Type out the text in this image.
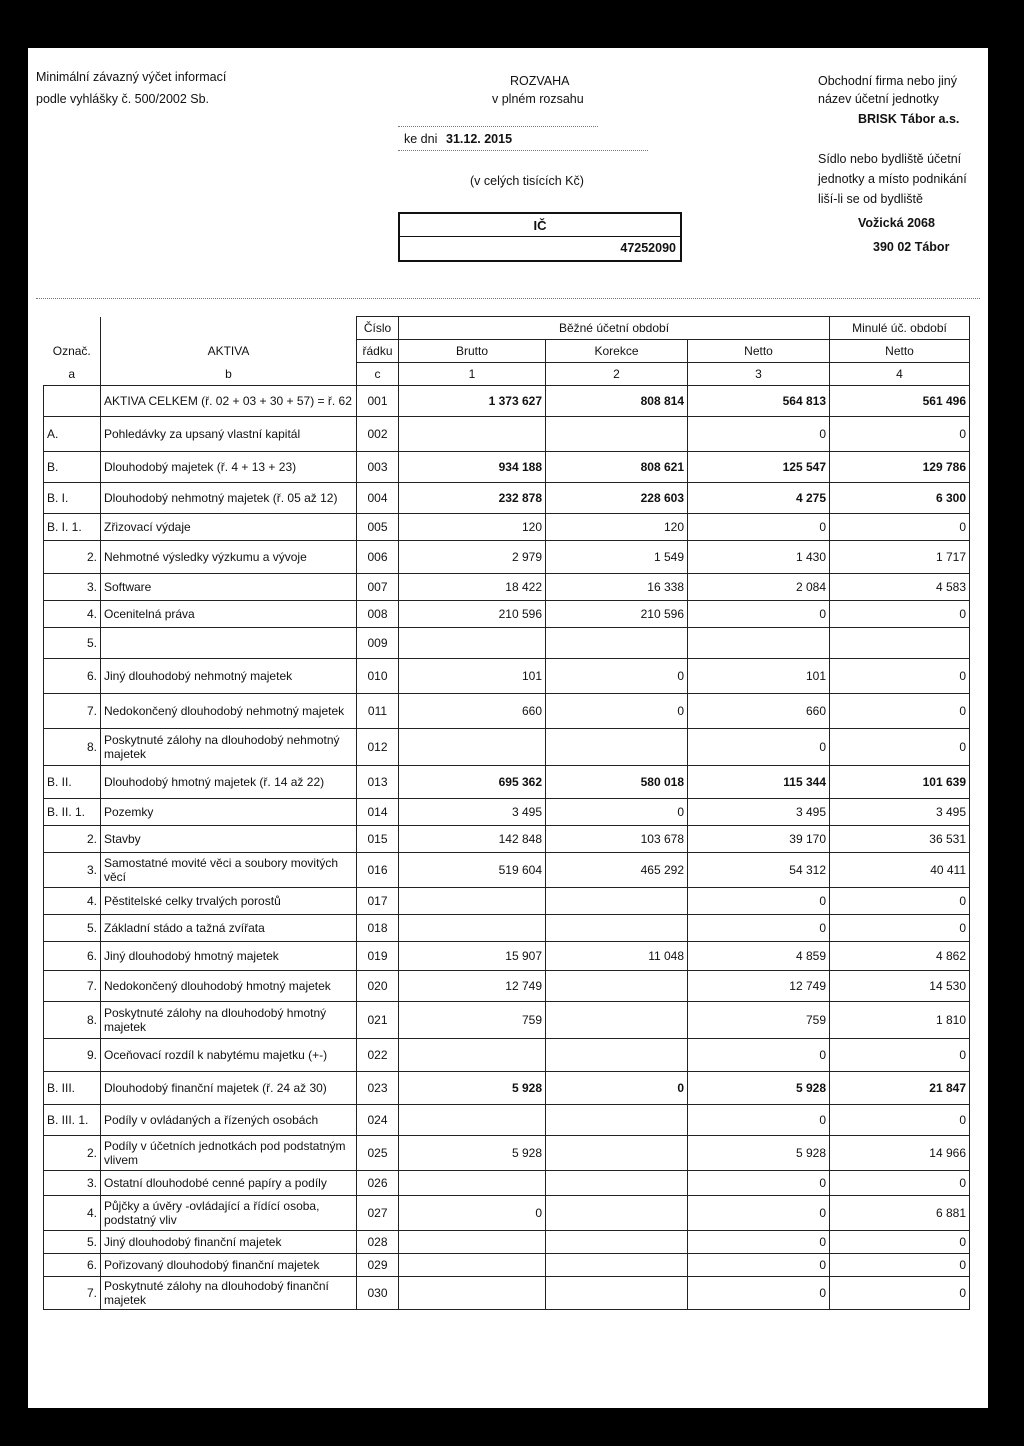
Minimální závazný výčet informací
podle vyhlášky č. 500/2002 Sb.
ROZVAHA
v plném rozsahu
ke dni 31.12. 2015
(v celých tisících Kč)
IČ
47252090
Obchodní firma nebo jiný
název účetní jednotky
BRISK Tábor a.s.
Sídlo nebo bydliště účetní
jednotky a místo podnikání
liší-li se od bydliště
Vožická 2068
390 02 Tábor
		Číslo	Běžné účetní období			Minulé úč. období
Označ.	AKTIVA	řádku	Brutto	Korekce	Netto	Netto
a	b	c	1	2	3	4
	AKTIVA CELKEM (ř. 02 + 03 + 30 + 57) = ř. 62	001	1 373 627	808 814	564 813	561 496
A.	Pohledávky za upsaný vlastní kapitál	002			0	0
B.	Dlouhodobý majetek (ř. 4 + 13 + 23)	003	934 188	808 621	125 547	129 786
B. I.	Dlouhodobý nehmotný majetek (ř. 05 až 12)	004	232 878	228 603	4 275	6 300
B. I. 1.	Zřizovací výdaje	005	120	120	0	0
2.	Nehmotné výsledky výzkumu a vývoje	006	2 979	1 549	1 430	1 717
3.	Software	007	18 422	16 338	2 084	4 583
4.	Ocenitelná práva	008	210 596	210 596	0	0
5.		009				
6.	Jiný dlouhodobý nehmotný majetek	010	101	0	101	0
7.	Nedokončený dlouhodobý nehmotný majetek	011	660	0	660	0
8.	Poskytnuté zálohy na dlouhodobý nehmotný majetek	012			0	0
B. II.	Dlouhodobý hmotný majetek (ř. 14 až 22)	013	695 362	580 018	115 344	101 639
B. II. 1.	Pozemky	014	3 495	0	3 495	3 495
2.	Stavby	015	142 848	103 678	39 170	36 531
3.	Samostatné movité věci a soubory movitých věcí	016	519 604	465 292	54 312	40 411
4.	Pěstitelské celky trvalých porostů	017			0	0
5.	Základní stádo a tažná zvířata	018			0	0
6.	Jiný dlouhodobý hmotný majetek	019	15 907	11 048	4 859	4 862
7.	Nedokončený dlouhodobý hmotný majetek	020	12 749		12 749	14 530
8.	Poskytnuté zálohy na dlouhodobý hmotný majetek	021	759		759	1 810
9.	Oceňovací rozdíl k nabytému majetku (+-)	022			0	0
B. III.	Dlouhodobý finanční majetek (ř. 24 až 30)	023	5 928	0	5 928	21 847
B. III. 1.	Podíly v ovládaných a řízených osobách	024			0	0
2.	Podíly v účetních jednotkách pod podstatným vlivem	025	5 928		5 928	14 966
3.	Ostatní dlouhodobé cenné papíry a podíly	026			0	0
4.	Půjčky a úvěry -ovládající a řídící osoba, podstatný vliv	027	0		0	6 881
5.	Jiný dlouhodobý finanční majetek	028			0	0
6.	Pořizovaný dlouhodobý finanční majetek	029			0	0
7.	Poskytnuté zálohy na dlouhodobý finanční majetek	030			0	0
